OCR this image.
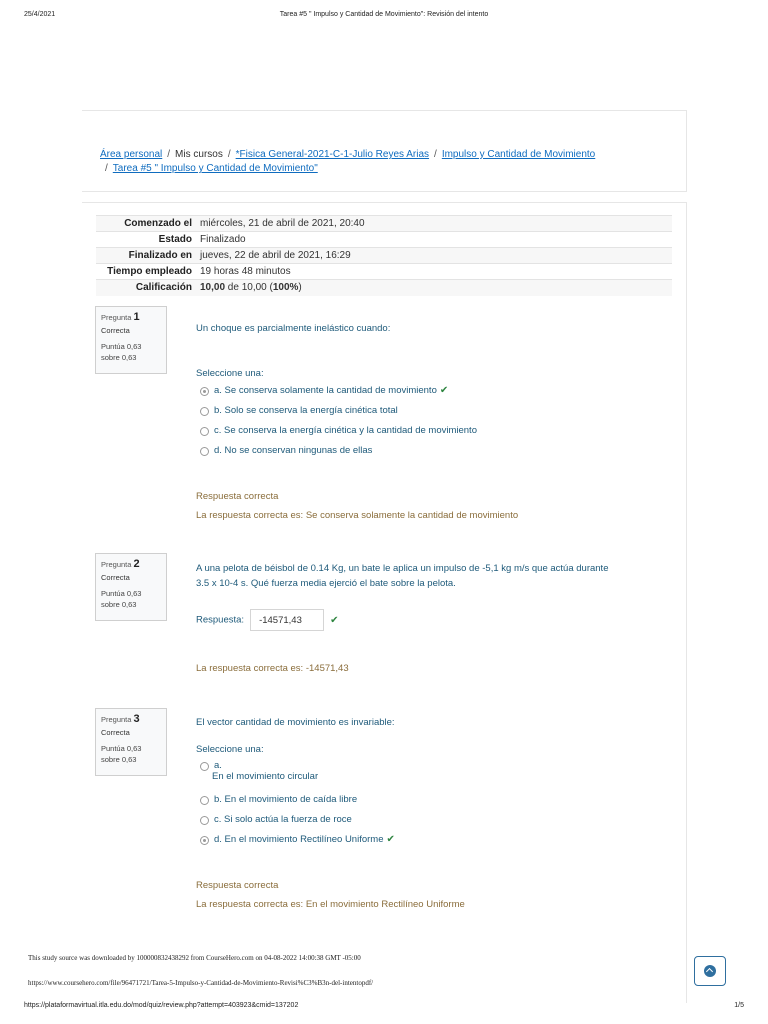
25/4/2021	Tarea #5 " Impulso y Cantidad de Movimiento": Revisión del intento
Área personal / Mis cursos / *Fisica General-2021-C-1-Julio Reyes Arias / Impulso y Cantidad de Movimiento
/ Tarea #5 " Impulso y Cantidad de Movimiento"
Comenzado el	miércoles, 21 de abril de 2021, 20:40
Estado	Finalizado
Finalizado en	jueves, 22 de abril de 2021, 16:29
Tiempo empleado	19 horas 48 minutos
Calificación	10,00 de 10,00 (100%)
Pregunta 1
Correcta
Puntúa 0,63
sobre 0,63
Un choque es parcialmente inelástico cuando:
Seleccione una:
a. Se conserva solamente la cantidad de movimiento ✔
b. Solo se conserva la energía cinética total
c. Se conserva la energía cinética y la cantidad de movimiento
d. No se conservan ningunas de ellas
Respuesta correcta
La respuesta correcta es: Se conserva solamente la cantidad de movimiento
Pregunta 2
Correcta
Puntúa 0,63
sobre 0,63
A una pelota de béisbol de 0.14 Kg, un bate le aplica un impulso de -5,1 kg m/s que actúa durante
3.5 x 10-4 s. Qué fuerza media ejerció el bate sobre la pelota.
Respuesta: -14571,43	✔
La respuesta correcta es: -14571,43
Pregunta 3
Correcta
Puntúa 0,63
sobre 0,63
El vector cantidad de movimiento es invariable:
Seleccione una:
a.
En el movimiento circular
b. En el movimiento de caída libre
c. Si solo actúa la fuerza de roce
d. En el movimiento Rectilíneo Uniforme ✔
Respuesta correcta
La respuesta correcta es: En el movimiento Rectilíneo Uniforme
This study source was downloaded by 100000832438292 from CourseHero.com on 04-08-2022 14:00:38 GMT -05:00
https://www.coursehero.com/file/96471721/Tarea-5-Impulso-y-Cantidad-de-Movimiento-Revisi%C3%B3n-del-intentopdf/
https://plataformavirtual.itla.edu.do/mod/quiz/review.php?attempt=403923&cmid=137202	1/5
